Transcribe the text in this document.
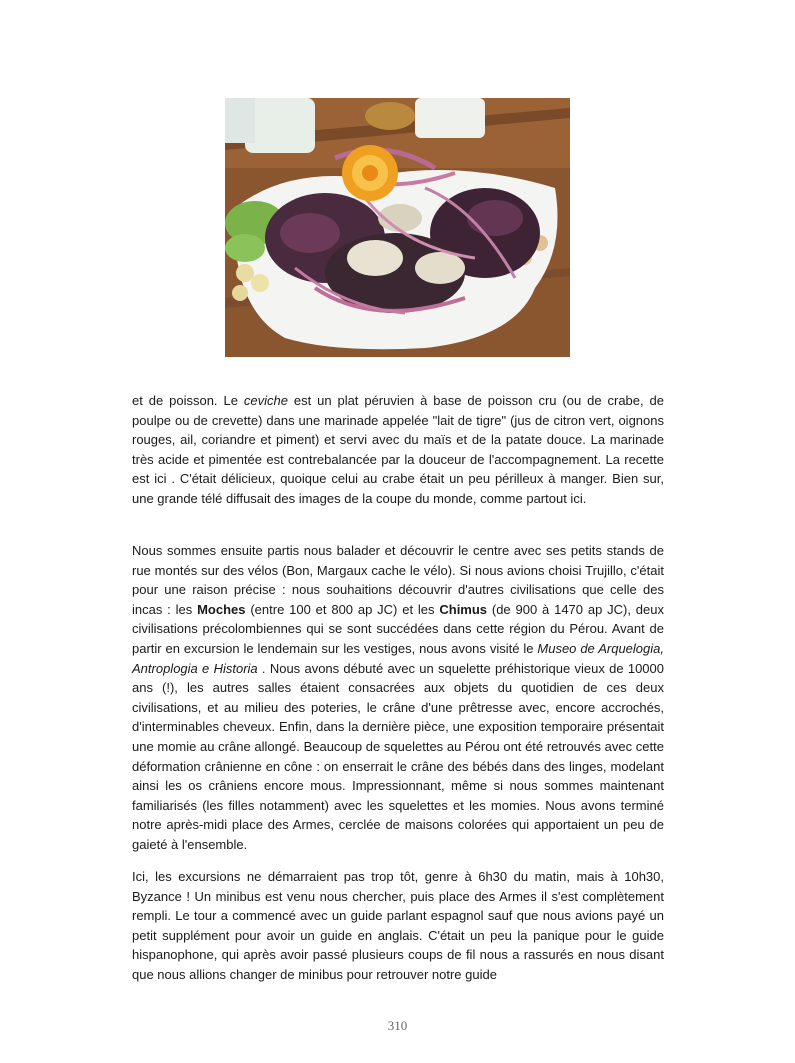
et de poisson. Le ceviche est un plat péruvien à base de poisson cru (ou de crabe, de poulpe ou de crevette) dans une marinade appelée "lait de tigre" (jus de citron vert, oignons rouges, ail, coriandre et piment) et servi avec du maïs et de la patate douce. La marinade très acide et pimentée est contrebalancée par la douceur de l'accompagnement. La recette est ici . C'était délicieux, quoique celui au crabe était un peu périlleux à manger. Bien sur, une grande télé diffusait des images de la coupe du monde, comme partout ici.

Nous sommes ensuite partis nous balader et découvrir le centre avec ses petits stands de rue montés sur des vélos (Bon, Margaux cache le vélo). Si nous avions choisi Trujillo, c'était pour une raison précise : nous souhaitions découvrir d'autres civilisations que celle des incas : les Moches (entre 100 et 800 ap JC) et les Chimus (de 900 à 1470 ap JC), deux civilisations précolombiennes qui se sont succédées dans cette région du Pérou. Avant de partir en excursion le lendemain sur les vestiges, nous avons visité le Museo de Arquelogia, Antroplogia e Historia . Nous avons débuté avec un squelette préhistorique vieux de 10000 ans (!), les autres salles étaient consacrées aux objets du quotidien de ces deux civilisations, et au milieu des poteries, le crâne d'une prêtresse avec, encore accrochés, d'interminables cheveux. Enfin, dans la dernière pièce, une exposition temporaire présentait une momie au crâne allongé. Beaucoup de squelettes au Pérou ont été retrouvés avec cette déformation crânienne en cône : on enserrait le crâne des bébés dans des linges, modelant ainsi les os crâniens encore mous. Impressionnant, même si nous sommes maintenant familiarisés (les filles notamment) avec les squelettes et les momies. Nous avons terminé notre après-midi place des Armes, cerclée de maisons colorées qui apportaient un peu de gaieté à l'ensemble.

Ici, les excursions ne démarraient pas trop tôt, genre à 6h30 du matin, mais à 10h30, Byzance ! Un minibus est venu nous chercher, puis place des Armes il s'est complètement rempli. Le tour a commencé avec un guide parlant espagnol sauf que nous avions payé un petit supplément pour avoir un guide en anglais. C'était un peu la panique pour le guide hispanophone, qui après avoir passé plusieurs coups de fil nous a rassurés en nous disant que nous allions changer de minibus pour retrouver notre guide

310
